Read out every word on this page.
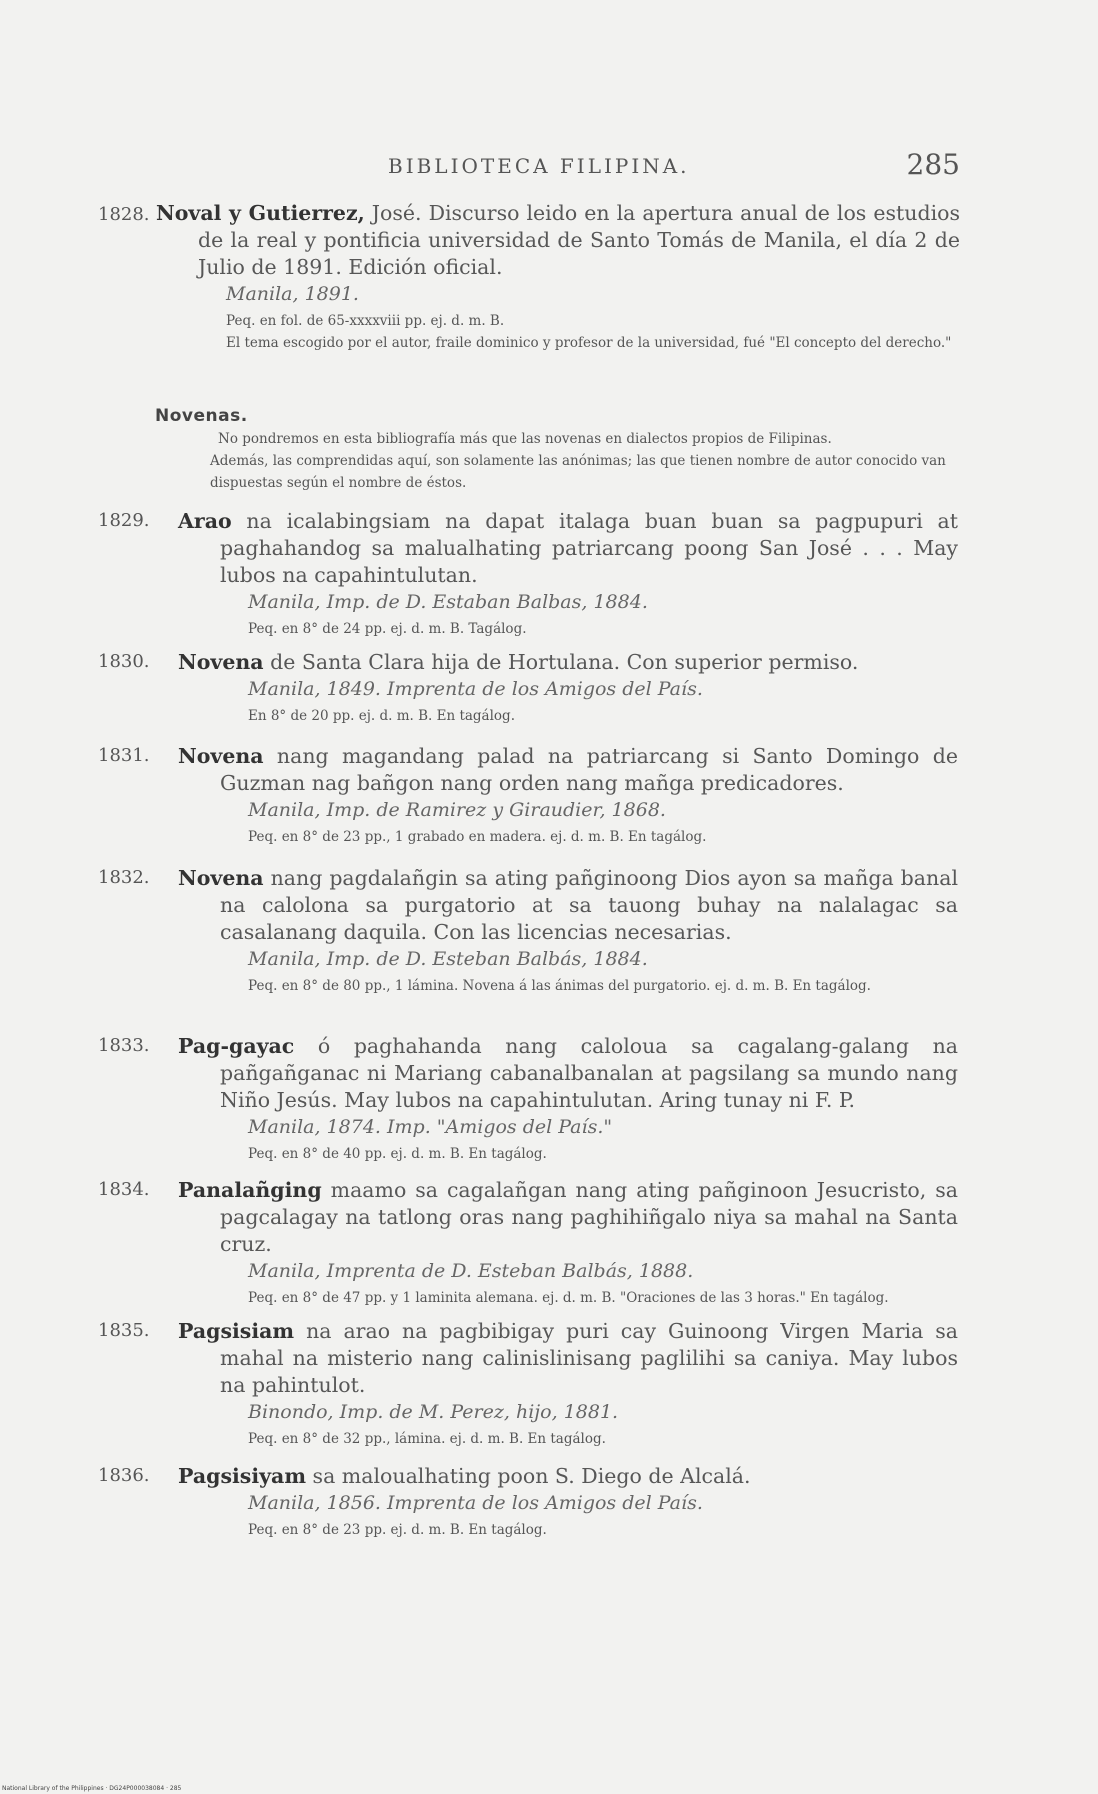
BIBLIOTECA FILIPINA.	285
1828. Noval y Gutierrez, José. Discurso leido en la apertura anual de los estudios de la real y pontificia universidad de Santo Tomás de Manila, el día 2 de Julio de 1891. Edición oficial.
Manila, 1891.
Peq. en fol. de 65-xxxxviii pp. ej. d. m. B.
El tema escogido por el autor, fraile dominico y profesor de la universidad, fué "El concepto del derecho."
Novenas.
No pondremos en esta bibliografía más que las novenas en dialectos propios de Filipinas.
Además, las comprendidas aquí, son solamente las anónimas; las que tienen nombre de autor conocido van dispuestas según el nombre de éstos.
1829.	Arao na icalabingsiam na dapat italaga buan buan sa pagpupuri at paghahandog sa malualhating patriarcang poong San José . . . May lubos na capahintulutan.
Manila, Imp. de D. Estaban Balbas, 1884.
Peq. en 8° de 24 pp. ej. d. m. B. Tagálog.
1830.	Novena de Santa Clara hija de Hortulana. Con superior permiso.
Manila, 1849. Imprenta de los Amigos del País.
En 8° de 20 pp. ej. d. m. B. En tagálog.
1831.	Novena nang magandang palad na patriarcang si Santo Domingo de Guzman nag bañgon nang orden nang mañga predicadores.
Manila, Imp. de Ramirez y Giraudier, 1868.
Peq. en 8° de 23 pp., 1 grabado en madera. ej. d. m. B. En tagálog.
1832.	Novena nang pagdalañgin sa ating pañginoong Dios ayon sa mañga banal na calolona sa purgatorio at sa tauong buhay na nalalagac sa casalanang daquila. Con las licencias necesarias.
Manila, Imp. de D. Esteban Balbás, 1884.
Peq. en 8° de 80 pp., 1 lámina. Novena á las ánimas del purgatorio. ej. d. m. B. En tagálog.
1833.	Pag-gayac ó paghahanda nang caloloua sa cagalang-galang na pañgañganac ni Mariang cabanalbanalan at pagsilang sa mundo nang Niño Jesús. May lubos na capahintulutan. Aring tunay ni F. P.
Manila, 1874. Imp. "Amigos del País."
Peq. en 8° de 40 pp. ej. d. m. B. En tagálog.
1834.	Panalañging maamo sa cagalañgan nang ating pañginoon Jesucristo, sa pagcalagay na tatlong oras nang paghihiñgalo niya sa mahal na Santa cruz.
Manila, Imprenta de D. Esteban Balbás, 1888.
Peq. en 8° de 47 pp. y 1 laminita alemana. ej. d. m. B. "Oraciones de las 3 horas." En tagálog.
1835.	Pagsisiam na arao na pagbibigay puri cay Guinoong Virgen Maria sa mahal na misterio nang calinislinisang paglilihi sa caniya. May lubos na pahintulot.
Binondo, Imp. de M. Perez, hijo, 1881.
Peq. en 8° de 32 pp., lámina. ej. d. m. B. En tagálog.
1836.	Pagsisiyam sa maloualhating poon S. Diego de Alcalá.
Manila, 1856. Imprenta de los Amigos del País.
Peq. en 8° de 23 pp. ej. d. m. B. En tagálog.
National Library of the Philippines · DG24P000038084 · 285
